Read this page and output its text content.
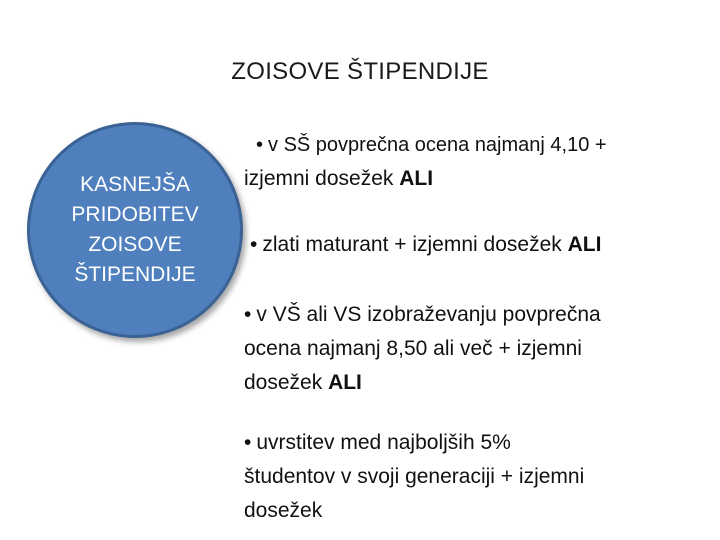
ZOISOVE ŠTIPENDIJE
KASNEJŠA
PRIDOBITEV
ZOISOVE
ŠTIPENDIJE
• v SŠ povprečna ocena najmanj 4,10 +
izjemni dosežek ALI
• zlati maturant + izjemni dosežek ALI
• v VŠ ali VS izobraževanju povprečna
ocena najmanj 8,50 ali več + izjemni
dosežek ALI
• uvrstitev med najboljših 5%
študentov v svoji generaciji + izjemni
dosežek
